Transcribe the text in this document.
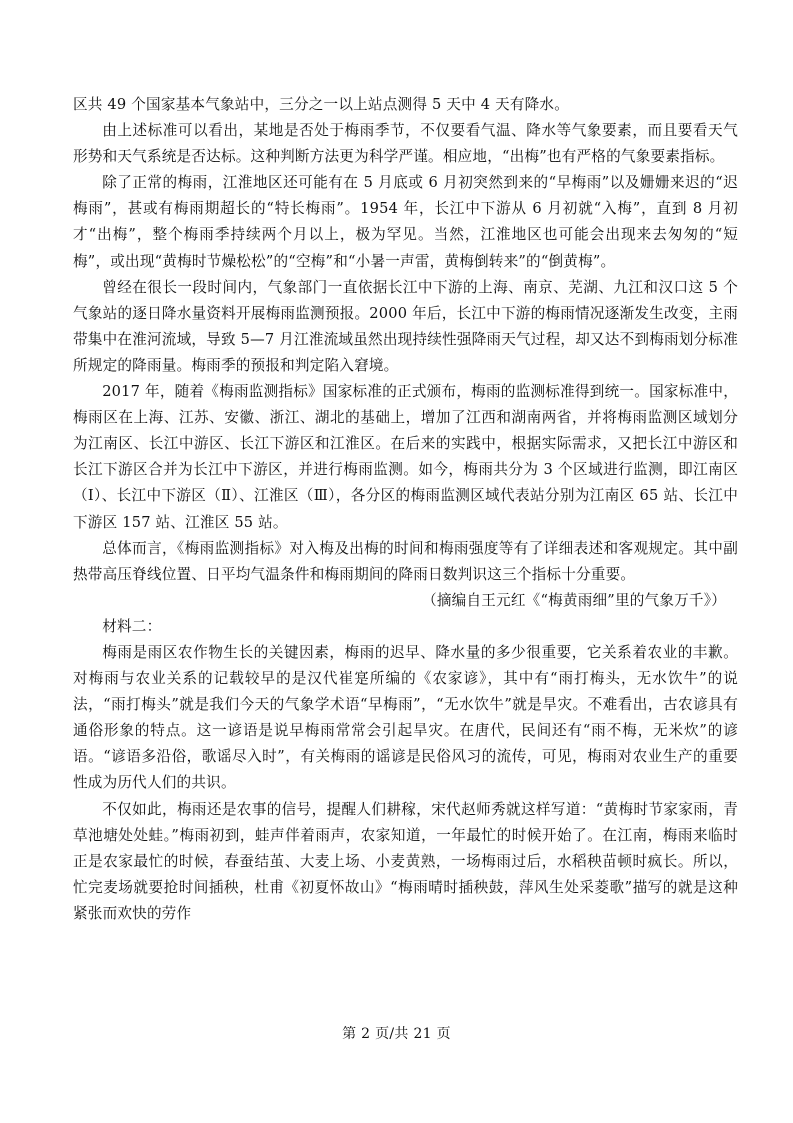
区共 49 个国家基本气象站中，三分之一以上站点测得 5 天中 4 天有降水。

由上述标准可以看出，某地是否处于梅雨季节，不仅要看气温、降水等气象要素，而且要看天气形势和天气系统是否达标。这种判断方法更为科学严谨。相应地，“出梅”也有严格的气象要素指标。

除了正常的梅雨，江淮地区还可能有在 5 月底或 6 月初突然到来的“早梅雨”以及姗姗来迟的“迟梅雨”，甚或有梅雨期超长的“特长梅雨”。1954 年，长江中下游从 6 月初就“入梅”，直到 8 月初才“出梅”，整个梅雨季持续两个月以上，极为罕见。当然，江淮地区也可能会出现来去匆匆的“短梅”，或出现“黄梅时节燥松松”的“空梅”和“小暑一声雷，黄梅倒转来”的“倒黄梅”。

曾经在很长一段时间内，气象部门一直依据长江中下游的上海、南京、芜湖、九江和汉口这 5 个气象站的逐日降水量资料开展梅雨监测预报。2000 年后，长江中下游的梅雨情况逐渐发生改变，主雨带集中在淮河流域，导致 5—7 月江淮流域虽然出现持续性强降雨天气过程，却又达不到梅雨划分标准所规定的降雨量。梅雨季的预报和判定陷入窘境。

2017 年，随着《梅雨监测指标》国家标准的正式颁布，梅雨的监测标准得到统一。国家标准中，梅雨区在上海、江苏、安徽、浙江、湖北的基础上，增加了江西和湖南两省，并将梅雨监测区域划分为江南区、长江中游区、长江下游区和江淮区。在后来的实践中，根据实际需求，又把长江中游区和长江下游区合并为长江中下游区，并进行梅雨监测。如今，梅雨共分为 3 个区域进行监测，即江南区（Ⅰ）、长江中下游区（Ⅱ）、江淮区（Ⅲ），各分区的梅雨监测区域代表站分别为江南区 65 站、长江中下游区 157 站、江淮区 55 站。

总体而言，《梅雨监测指标》对入梅及出梅的时间和梅雨强度等有了详细表述和客观规定。其中副热带高压脊线位置、日平均气温条件和梅雨期间的降雨日数判识这三个指标十分重要。

（摘编自王元红《“梅黄雨细”里的气象万千》）

材料二：

梅雨是雨区农作物生长的关键因素，梅雨的迟早、降水量的多少很重要，它关系着农业的丰歉。对梅雨与农业关系的记载较早的是汉代崔寔所编的《农家谚》，其中有“雨打梅头，无水饮牛”的说法，“雨打梅头”就是我们今天的气象学术语“早梅雨”，“无水饮牛”就是旱灾。不难看出，古农谚具有通俗形象的特点。这一谚语是说早梅雨常常会引起旱灾。在唐代，民间还有“雨不梅，无米炊”的谚语。“谚语多沿俗，歌谣尽入时”，有关梅雨的谣谚是民俗风习的流传，可见，梅雨对农业生产的重要性成为历代人们的共识。

不仅如此，梅雨还是农事的信号，提醒人们耕稼，宋代赵师秀就这样写道：“黄梅时节家家雨，青草池塘处处蛙。”梅雨初到，蛙声伴着雨声，农家知道，一年最忙的时候开始了。在江南，梅雨来临时正是农家最忙的时候，春蚕结茧、大麦上场、小麦黄熟，一场梅雨过后，水稻秧苗顿时疯长。所以，忙完麦场就要抢时间插秧，杜甫《初夏怀故山》“梅雨晴时插秧鼓，萍风生处采菱歌”描写的就是这种紧张而欢快的劳作

第 2 页/共 21 页
